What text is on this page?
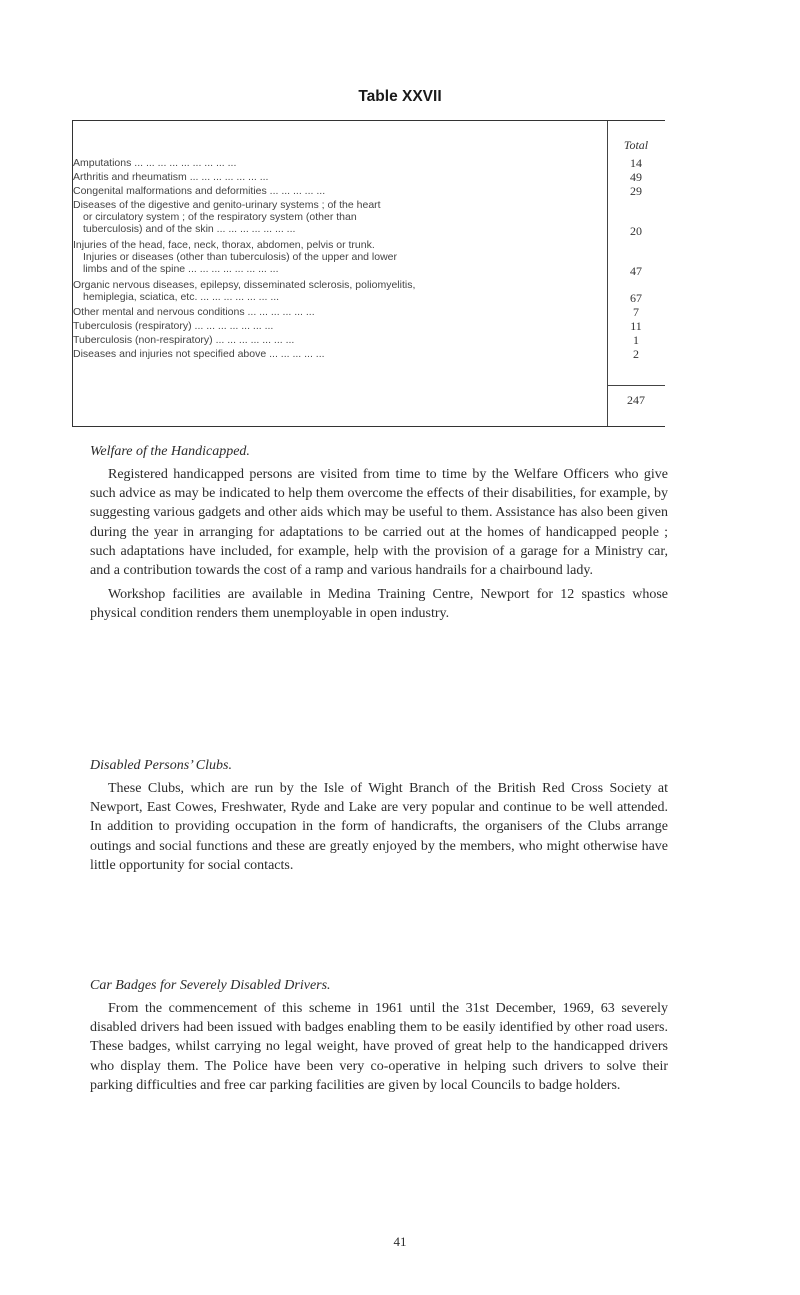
Table XXVII
Total
Amputations ... ... ... ... ... ... ... ... ...	14
Arthritis and rheumatism ... ... ... ... ... ... ...	49
Congenital malformations and deformities ... ... ... ... ...	29
Diseases of the digestive and genito-urinary systems ; of the heart
or circulatory system ; of the respiratory system (other than
tuberculosis) and of the skin ... ... ... ... ... ... ...	20
Injuries of the head, face, neck, thorax, abdomen, pelvis or trunk.
Injuries or diseases (other than tuberculosis) of the upper and lower
limbs and of the spine ... ... ... ... ... ... ... ...	47
Organic nervous diseases, epilepsy, disseminated sclerosis, poliomyelitis,
hemiplegia, sciatica, etc. ... ... ... ... ... ... ...	67
Other mental and nervous conditions ... ... ... ... ... ...	7
Tuberculosis (respiratory) ... ... ... ... ... ... ...	11
Tuberculosis (non-respiratory) ... ... ... ... ... ... ...	1
Diseases and injuries not specified above ... ... ... ... ...	2
247
Welfare of the Handicapped.

Registered handicapped persons are visited from time to time by the Welfare Officers who give such advice as may be indicated to help them overcome the effects of their disabilities, for example, by suggesting various gadgets and other aids which may be useful to them. Assistance has also been given during the year in arranging for adaptations to be carried out at the homes of handicapped people ; such adaptations have included, for example, help with the provision of a garage for a Ministry car, and a contribution towards the cost of a ramp and various handrails for a chairbound lady.

Workshop facilities are available in Medina Training Centre, Newport for 12 spastics whose physical condition renders them unemployable in open industry.

Disabled Persons’ Clubs.

These Clubs, which are run by the Isle of Wight Branch of the British Red Cross Society at Newport, East Cowes, Freshwater, Ryde and Lake are very popular and continue to be well attended. In addition to providing occupation in the form of handicrafts, the organisers of the Clubs arrange outings and social functions and these are greatly enjoyed by the members, who might otherwise have little opportunity for social contacts.

Car Badges for Severely Disabled Drivers.

From the commencement of this scheme in 1961 until the 31st December, 1969, 63 severely disabled drivers had been issued with badges enabling them to be easily identified by other road users. These badges, whilst carrying no legal weight, have proved of great help to the handicapped drivers who display them. The Police have been very co-operative in helping such drivers to solve their parking difficulties and free car parking facilities are given by local Councils to badge holders.

41
